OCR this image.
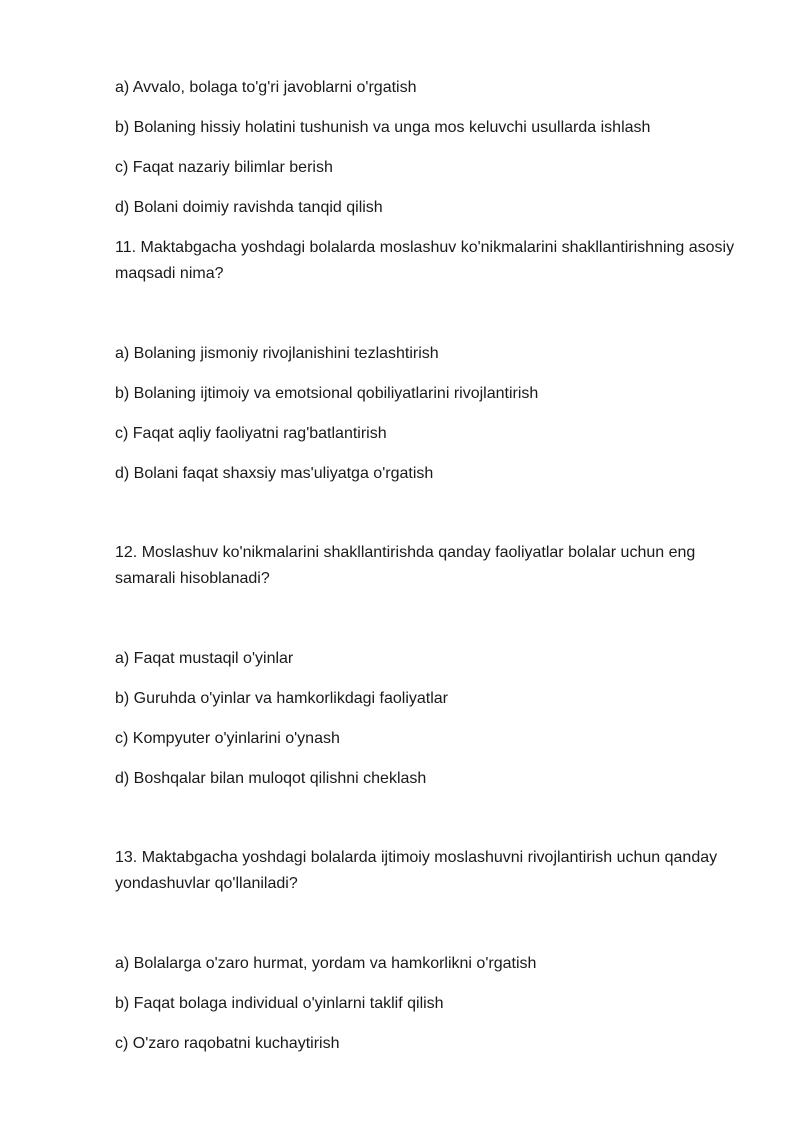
a) Avvalo, bolaga to'g'ri javoblarni o'rgatish
b) Bolaning hissiy holatini tushunish va unga mos keluvchi usullarda ishlash
c) Faqat nazariy bilimlar berish
d) Bolani doimiy ravishda tanqid qilish
11. Maktabgacha yoshdagi bolalarda moslashuv ko'nikmalarini shakllantirishning asosiy maqsadi nima?
a) Bolaning jismoniy rivojlanishini tezlashtirish
b) Bolaning ijtimoiy va emotsional qobiliyatlarini rivojlantirish
c) Faqat aqliy faoliyatni rag'batlantirish
d) Bolani faqat shaxsiy mas'uliyatga o'rgatish
12. Moslashuv ko'nikmalarini shakllantirishda qanday faoliyatlar bolalar uchun eng samarali hisoblanadi?
a) Faqat mustaqil o'yinlar
b) Guruhda o'yinlar va hamkorlikdagi faoliyatlar
c) Kompyuter o'yinlarini o'ynash
d) Boshqalar bilan muloqot qilishni cheklash
13. Maktabgacha yoshdagi bolalarda ijtimoiy moslashuvni rivojlantirish uchun qanday yondashuvlar qo'llaniladi?
a) Bolalarga o'zaro hurmat, yordam va hamkorlikni o'rgatish
b) Faqat bolaga individual o'yinlarni taklif qilish
c) O'zaro raqobatni kuchaytirish
